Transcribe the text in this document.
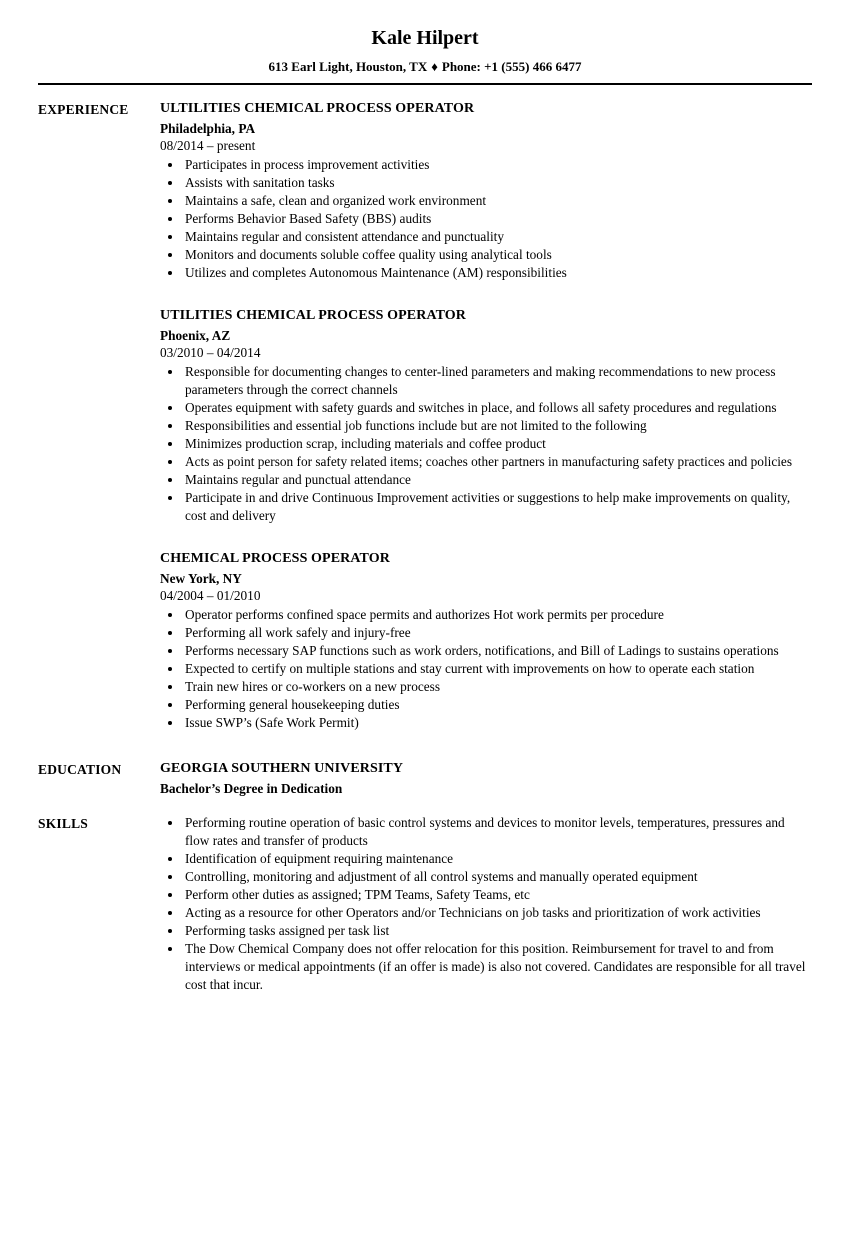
Kale Hilpert

613 Earl Light, Houston, TX ♦ Phone: +1 (555) 466 6477

EXPERIENCE	ULTILITIES CHEMICAL PROCESS OPERATOR
Philadelphia, PA
08/2014 – present
• Participates in process improvement activities
• Assists with sanitation tasks
• Maintains a safe, clean and organized work environment
• Performs Behavior Based Safety (BBS) audits
• Maintains regular and consistent attendance and punctuality
• Monitors and documents soluble coffee quality using analytical tools
• Utilizes and completes Autonomous Maintenance (AM) responsibilities
UTILITIES CHEMICAL PROCESS OPERATOR
Phoenix, AZ
03/2010 – 04/2014
• Responsible for documenting changes to center-lined parameters and making recommendations to new process parameters through the correct channels
• Operates equipment with safety guards and switches in place, and follows all safety procedures and regulations
• Responsibilities and essential job functions include but are not limited to the following
• Minimizes production scrap, including materials and coffee product
• Acts as point person for safety related items; coaches other partners in manufacturing safety practices and policies
• Maintains regular and punctual attendance
• Participate in and drive Continuous Improvement activities or suggestions to help make improvements on quality, cost and delivery
CHEMICAL PROCESS OPERATOR
New York, NY
04/2004 – 01/2010
• Operator performs confined space permits and authorizes Hot work permits per procedure
• Performing all work safely and injury-free
• Performs necessary SAP functions such as work orders, notifications, and Bill of Ladings to sustains operations
• Expected to certify on multiple stations and stay current with improvements on how to operate each station
• Train new hires or co-workers on a new process
• Performing general housekeeping duties
• Issue SWP’s (Safe Work Permit)
EDUCATION	GEORGIA SOUTHERN UNIVERSITY
Bachelor’s Degree in Dedication
SKILLS	• Performing routine operation of basic control systems and devices to monitor levels, temperatures, pressures and flow rates and transfer of products
• Identification of equipment requiring maintenance
• Controlling, monitoring and adjustment of all control systems and manually operated equipment
• Perform other duties as assigned; TPM Teams, Safety Teams, etc
• Acting as a resource for other Operators and/or Technicians on job tasks and prioritization of work activities
• Performing tasks assigned per task list
• The Dow Chemical Company does not offer relocation for this position. Reimbursement for travel to and from interviews or medical appointments (if an offer is made) is also not covered. Candidates are responsible for all travel cost that incur.
